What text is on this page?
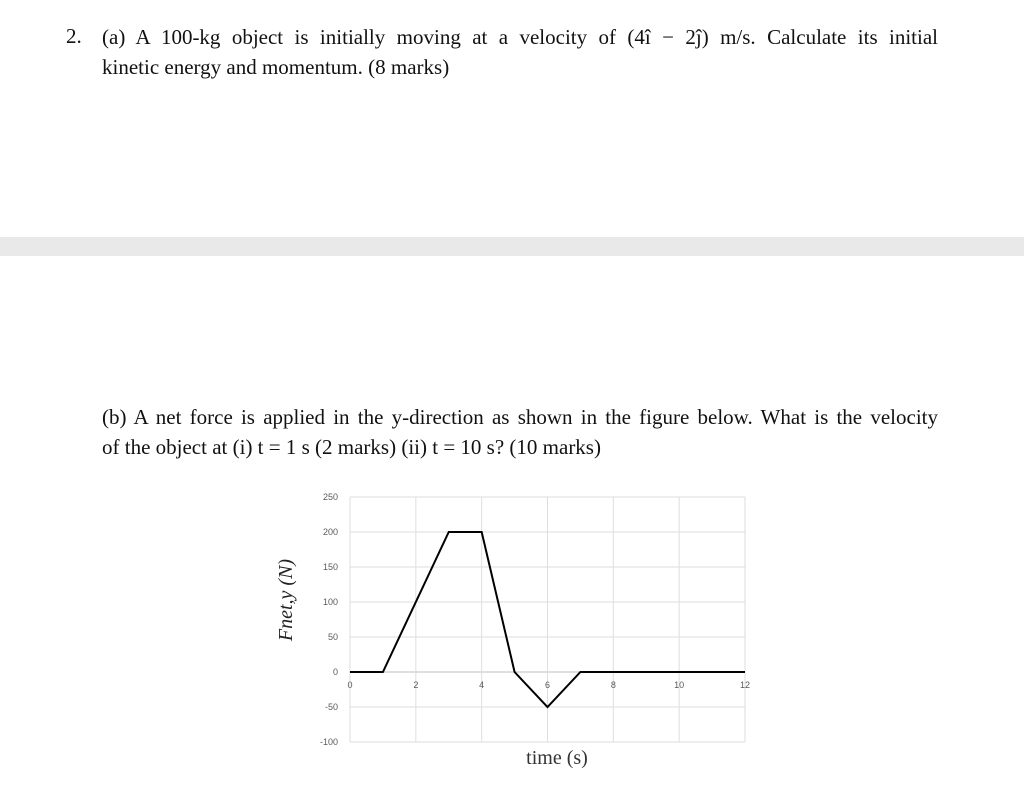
2. (a) A 100-kg object is initially moving at a velocity of (4î − 2ĵ) m/s. Calculate its initial
kinetic energy and momentum. (8 marks)
(b) A net force is applied in the y-direction as shown in the figure below. What is the velocity
of the object at (i) t = 1 s (2 marks) (ii) t = 10 s? (10 marks)
250
200
150
100
50
0
-50
-100
0	2	4	6	8	10	12
Fnet,y (N)
time (s)
